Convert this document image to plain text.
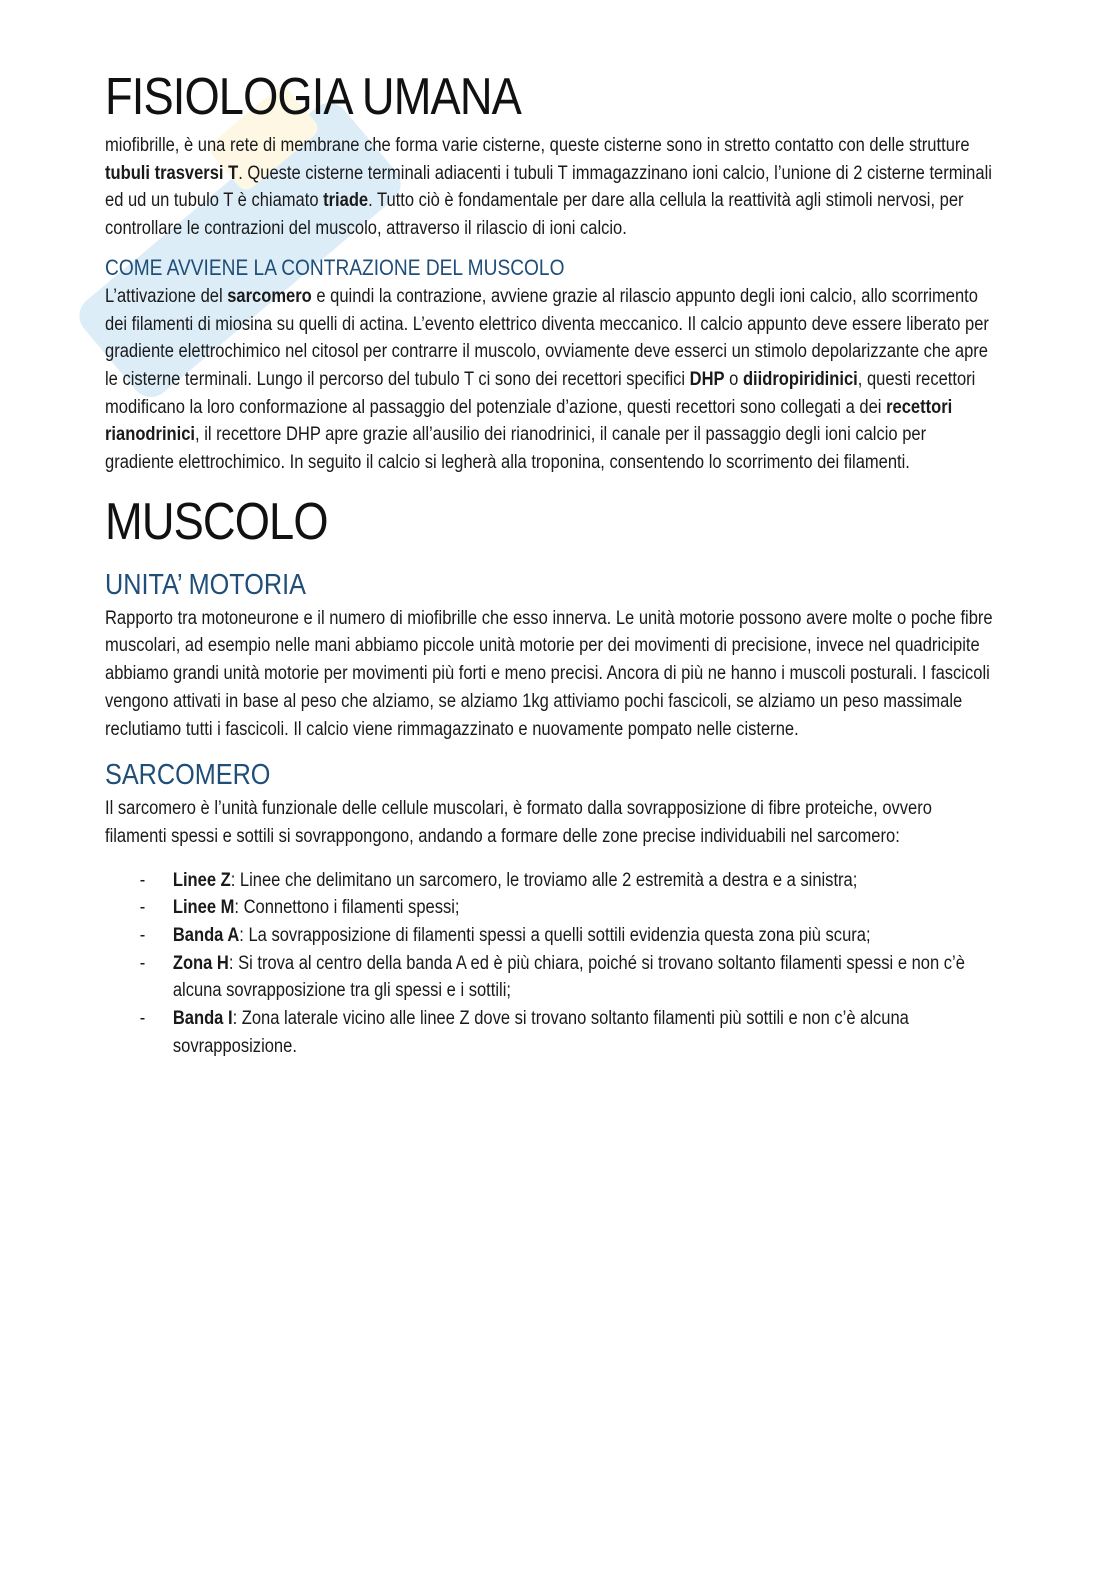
FISIOLOGIA UMANA

miofibrille, è una rete di membrane che forma varie cisterne, queste cisterne sono in stretto contatto con delle strutture tubuli trasversi T. Queste cisterne terminali adiacenti i tubuli T immagazzinano ioni calcio, l’unione di 2 cisterne terminali ed ud un tubulo T è chiamato triade. Tutto ciò è fondamentale per dare alla cellula la reattività agli stimoli nervosi, per controllare le contrazioni del muscolo, attraverso il rilascio di ioni calcio.

COME AVVIENE LA CONTRAZIONE DEL MUSCOLO

L’attivazione del sarcomero e quindi la contrazione, avviene grazie al rilascio appunto degli ioni calcio, allo scorrimento dei filamenti di miosina su quelli di actina. L’evento elettrico diventa meccanico. Il calcio appunto deve essere liberato per gradiente elettrochimico nel citosol per contrarre il muscolo, ovviamente deve esserci un stimolo depolarizzante che apre le cisterne terminali. Lungo il percorso del tubulo T ci sono dei recettori specifici DHP o diidropiridinici, questi recettori modificano la loro conformazione al passaggio del potenziale d’azione, questi recettori sono collegati a dei recettori rianodrinici, il recettore DHP apre grazie all’ausilio dei rianodrinici, il canale per il passaggio degli ioni calcio per gradiente elettrochimico. In seguito il calcio si legherà alla troponina, consentendo lo scorrimento dei filamenti.

MUSCOLO
UNITA’ MOTORIA

Rapporto tra motoneurone e il numero di miofibrille che esso innerva. Le unità motorie possono avere molte o poche fibre muscolari, ad esempio nelle mani abbiamo piccole unità motorie per dei movimenti di precisione, invece nel quadricipite abbiamo grandi unità motorie per movimenti più forti e meno precisi. Ancora di più ne hanno i muscoli posturali. I fascicoli vengono attivati in base al peso che alziamo, se alziamo 1kg attiviamo pochi fascicoli, se alziamo un peso massimale reclutiamo tutti i fascicoli. Il calcio viene rimmagazzinato e nuovamente pompato nelle cisterne.

SARCOMERO

Il sarcomero è l’unità funzionale delle cellule muscolari, è formato dalla sovrapposizione di fibre proteiche, ovvero filamenti spessi e sottili si sovrappongono, andando a formare delle zone precise individuabili nel sarcomero:

- Linee Z: Linee che delimitano un sarcomero, le troviamo alle 2 estremità a destra e a sinistra;
- Linee M: Connettono i filamenti spessi;
- Banda A: La sovrapposizione di filamenti spessi a quelli sottili evidenzia questa zona più scura;
- Zona H: Si trova al centro della banda A ed è più chiara, poiché si trovano soltanto filamenti spessi e non c’è alcuna sovrapposizione tra gli spessi e i sottili;
- Banda I: Zona laterale vicino alle linee Z dove si trovano soltanto filamenti più sottili e non c’è alcuna sovrapposizione.
